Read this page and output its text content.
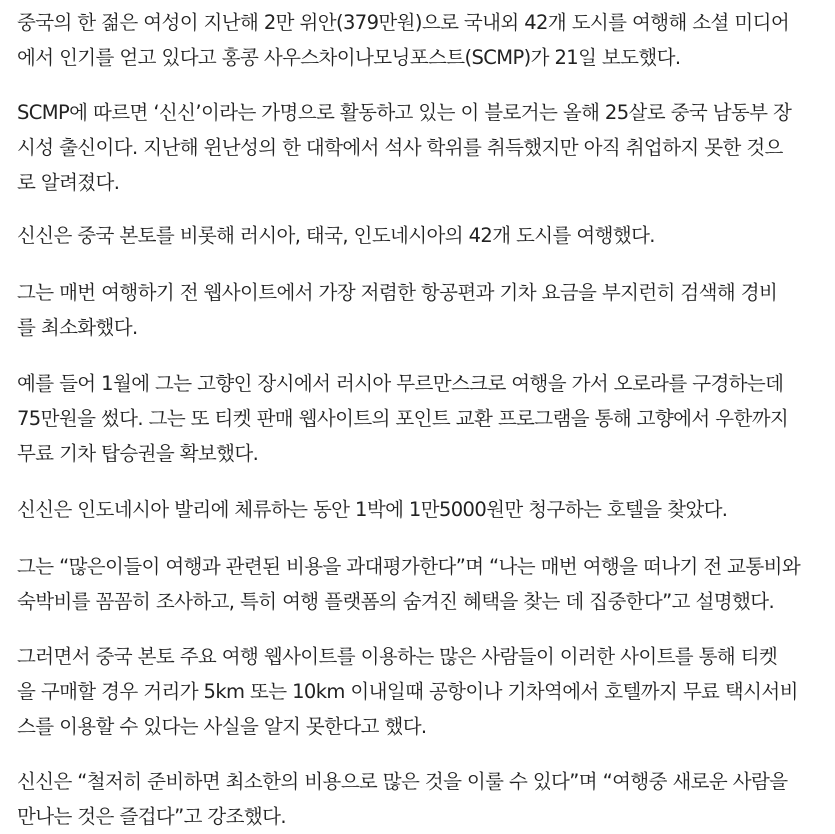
중국의 한 젊은 여성이 지난해 2만 위안(379만원)으로 국내외 42개 도시를 여행해 소셜 미디어
에서 인기를 얻고 있다고 홍콩 사우스차이나모닝포스트(SCMP)가 21일 보도했다.

SCMP에 따르면 ‘신신’이라는 가명으로 활동하고 있는 이 블로거는 올해 25살로 중국 남동부 장
시성 출신이다. 지난해 윈난성의 한 대학에서 석사 학위를 취득했지만 아직 취업하지 못한 것으
로 알려졌다.

신신은 중국 본토를 비롯해 러시아, 태국, 인도네시아의 42개 도시를 여행했다.

그는 매번 여행하기 전 웹사이트에서 가장 저렴한 항공편과 기차 요금을 부지런히 검색해 경비
를 최소화했다.

예를 들어 1월에 그는 고향인 장시에서 러시아 무르만스크로 여행을 가서 오로라를 구경하는데
75만원을 썼다. 그는 또 티켓 판매 웹사이트의 포인트 교환 프로그램을 통해 고향에서 우한까지
무료 기차 탑승권을 확보했다.

신신은 인도네시아 발리에 체류하는 동안 1박에 1만5000원만 청구하는 호텔을 찾았다.

그는 “많은이들이 여행과 관련된 비용을 과대평가한다”며 “나는 매번 여행을 떠나기 전 교통비와
숙박비를 꼼꼼히 조사하고, 특히 여행 플랫폼의 숨겨진 혜택을 찾는 데 집중한다”고 설명했다.

그러면서 중국 본토 주요 여행 웹사이트를 이용하는 많은 사람들이 이러한 사이트를 통해 티켓
을 구매할 경우 거리가 5km 또는 10km 이내일때 공항이나 기차역에서 호텔까지 무료 택시서비
스를 이용할 수 있다는 사실을 알지 못한다고 했다.

신신은 “철저히 준비하면 최소한의 비용으로 많은 것을 이룰 수 있다”며 “여행중 새로운 사람을
만나는 것은 즐겁다”고 강조했다.
